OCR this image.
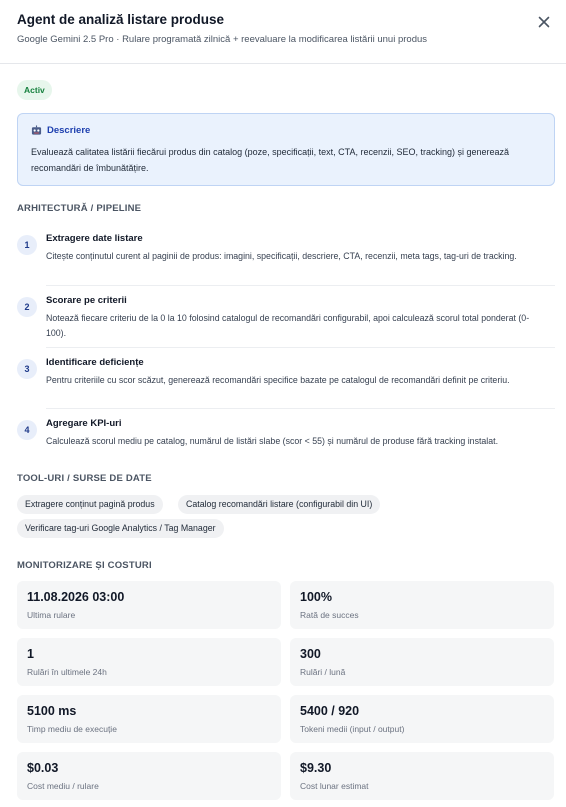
Agent de analiză listare produse
Google Gemini 2.5 Pro · Rulare programată zilnică + reevaluare la modificarea listării unui produs
Activ
Descriere
Evaluează calitatea listării fiecărui produs din catalog (poze, specificații, text, CTA, recenzii, SEO, tracking) și generează recomandări de îmbunătățire.
ARHITECTURĂ / PIPELINE
1
Extragere date listare
Citește conținutul curent al paginii de produs: imagini, specificații, descriere, CTA, recenzii, meta tags, tag-uri de tracking.
2
Scorare pe criterii
Notează fiecare criteriu de la 0 la 10 folosind catalogul de recomandări configurabil, apoi calculează scorul total ponderat (0-100).
3
Identificare deficiențe
Pentru criteriile cu scor scăzut, generează recomandări specifice bazate pe catalogul de recomandări definit pe criteriu.
4
Agregare KPI-uri
Calculează scorul mediu pe catalog, numărul de listări slabe (scor < 55) și numărul de produse fără tracking instalat.
TOOL-URI / SURSE DE DATE
Extragere conținut pagină produs	Catalog recomandări listare (configurabil din UI)
Verificare tag-uri Google Analytics / Tag Manager
MONITORIZARE ȘI COSTURI
11.08.2026 03:00
Ultima rulare
100%
Rată de succes
1
Rulări în ultimele 24h
300
Rulări / lună
5100 ms
Timp mediu de execuție
5400 / 920
Tokeni medii (input / output)
$0.03
Cost mediu / rulare
$9.30
Cost lunar estimat
